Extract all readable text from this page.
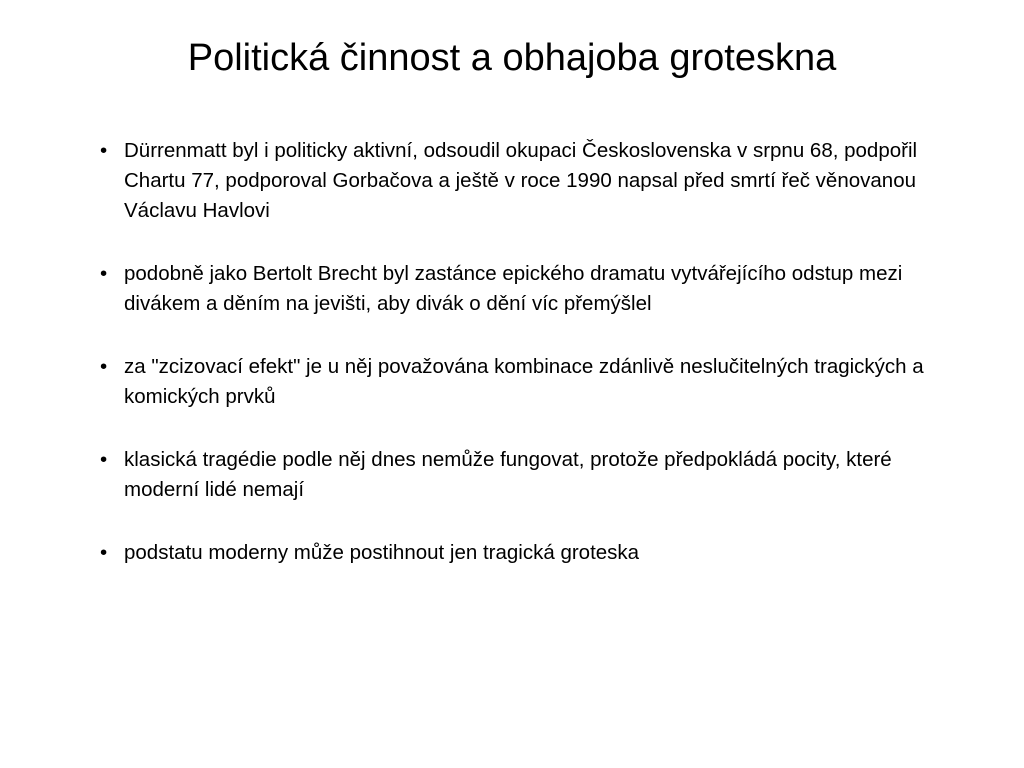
Politická činnost a obhajoba groteskna
• Dürrenmatt byl i politicky aktivní, odsoudil okupaci Československa v srpnu 68, podpořil Chartu 77, podporoval Gorbačova a ještě v roce 1990 napsal před smrtí řeč věnovanou Václavu Havlovi
• podobně jako Bertolt Brecht byl zastánce epického dramatu vytvářejícího odstup mezi divákem a děním na jevišti, aby divák o dění víc přemýšlel
• za "zcizovací efekt" je u něj považována kombinace zdánlivě neslučitelných tragických a komických prvků
• klasická tragédie podle něj dnes nemůže fungovat, protože předpokládá pocity, které moderní lidé nemají
• podstatu moderny může postihnout jen tragická groteska
